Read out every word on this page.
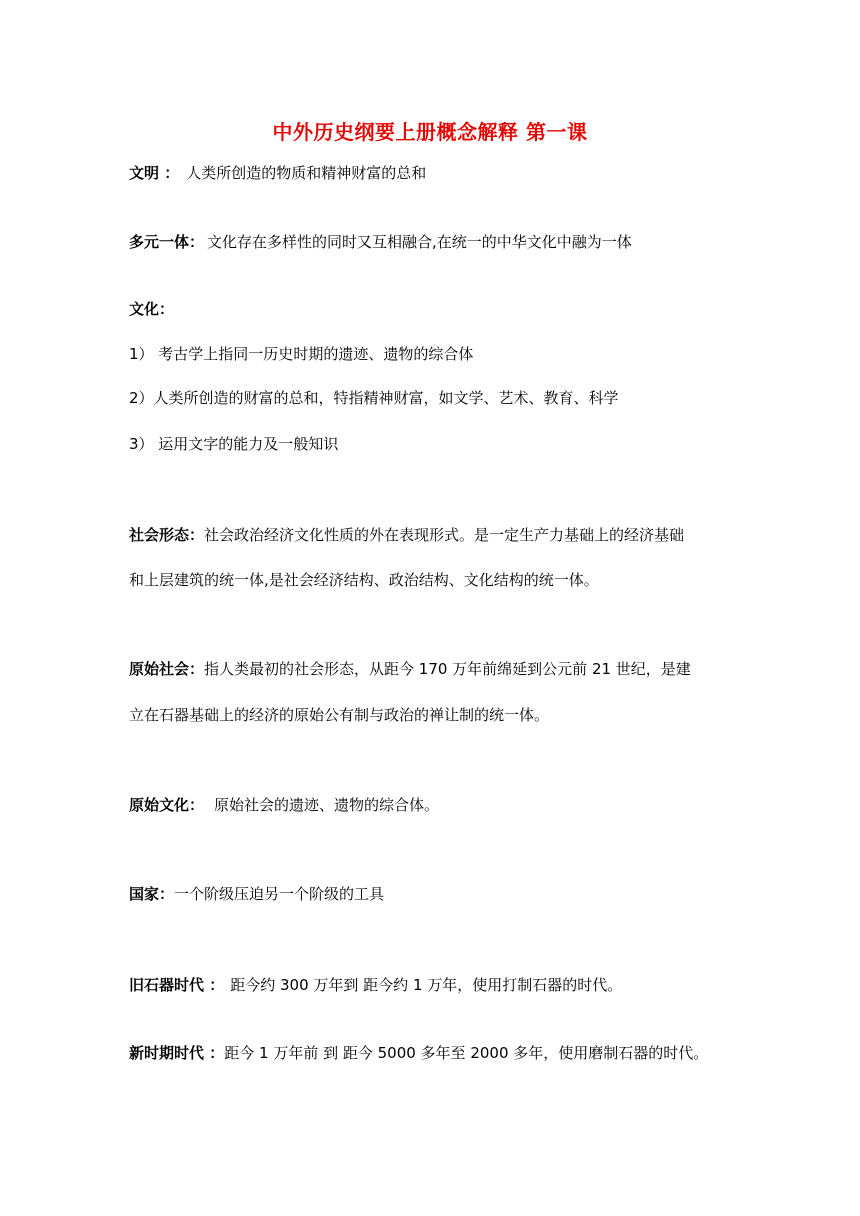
中外历史纲要上册概念解释 第一课
文明 ： 人类所创造的物质和精神财富的总和
多元一体： 文化存在多样性的同时又互相融合,在统一的中华文化中融为一体
文化：
1） 考古学上指同一历史时期的遗迹、遗物的综合体
2）人类所创造的财富的总和，特指精神财富，如文学、艺术、教育、科学
3） 运用文字的能力及一般知识
社会形态：社会政治经济文化性质的外在表现形式。是一定生产力基础上的经济基础
和上层建筑的统一体,是社会经济结构、政治结构、文化结构的统一体。
原始社会：指人类最初的社会形态，从距今 170 万年前绵延到公元前 21 世纪，是建
立在石器基础上的经济的原始公有制与政治的禅让制的统一体。
原始文化： 原始社会的遗迹、遗物的综合体。
国家：一个阶级压迫另一个阶级的工具
旧石器时代 ： 距今约 300 万年到 距今约 1 万年，使用打制石器的时代。
新时期时代 ：距今 1 万年前 到 距今 5000 多年至 2000 多年，使用磨制石器的时代。
